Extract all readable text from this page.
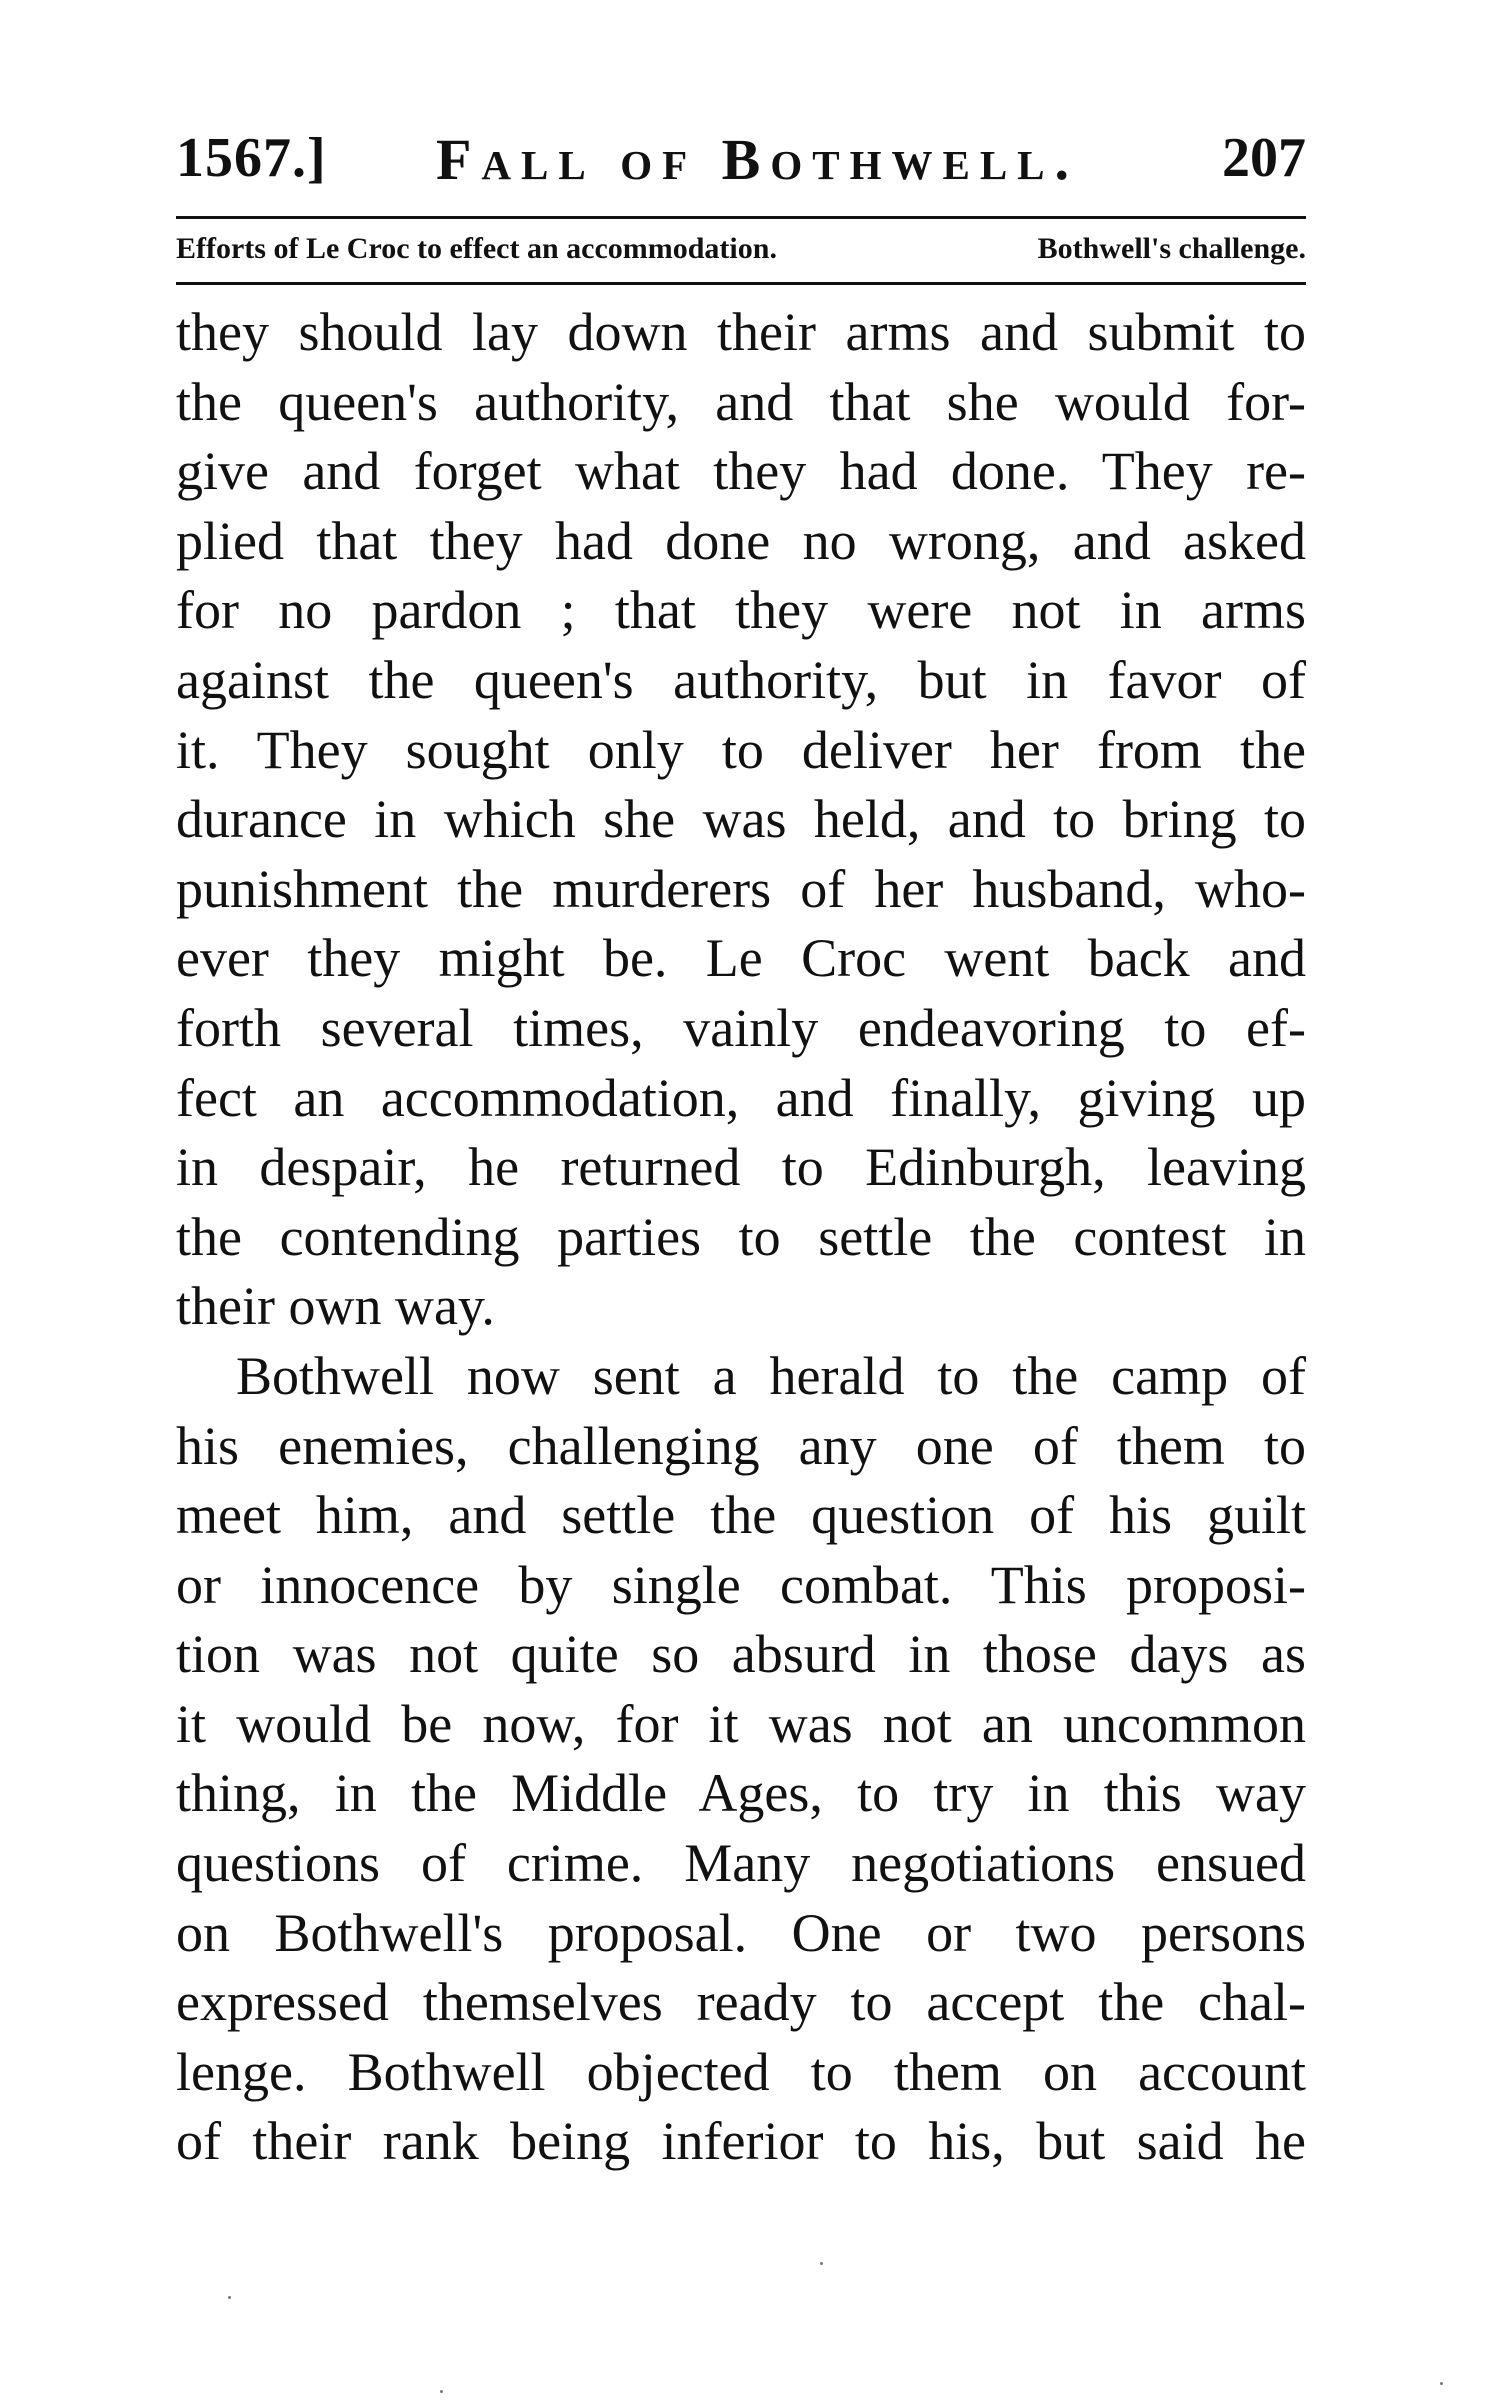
1567.] Fall of Bothwell.	207
Efforts of Le Croc to effect an accommodation.	Bothwell's challenge.
they should lay down their arms and submit to
the queen's authority, and that she would for-
give and forget what they had done. They re-
plied that they had done no wrong, and asked
for no pardon ; that they were not in arms
against the queen's authority, but in favor of
it. They sought only to deliver her from the
durance in which she was held, and to bring to
punishment the murderers of her husband, who-
ever they might be. Le Croc went back and
forth several times, vainly endeavoring to ef-
fect an accommodation, and finally, giving up
in despair, he returned to Edinburgh, leaving
the contending parties to settle the contest in
their own way.
Bothwell now sent a herald to the camp of
his enemies, challenging any one of them to
meet him, and settle the question of his guilt
or innocence by single combat. This proposi-
tion was not quite so absurd in those days as
it would be now, for it was not an uncommon
thing, in the Middle Ages, to try in this way
questions of crime. Many negotiations ensued
on Bothwell's proposal. One or two persons
expressed themselves ready to accept the chal-
lenge. Bothwell objected to them on account
of their rank being inferior to his, but said he
